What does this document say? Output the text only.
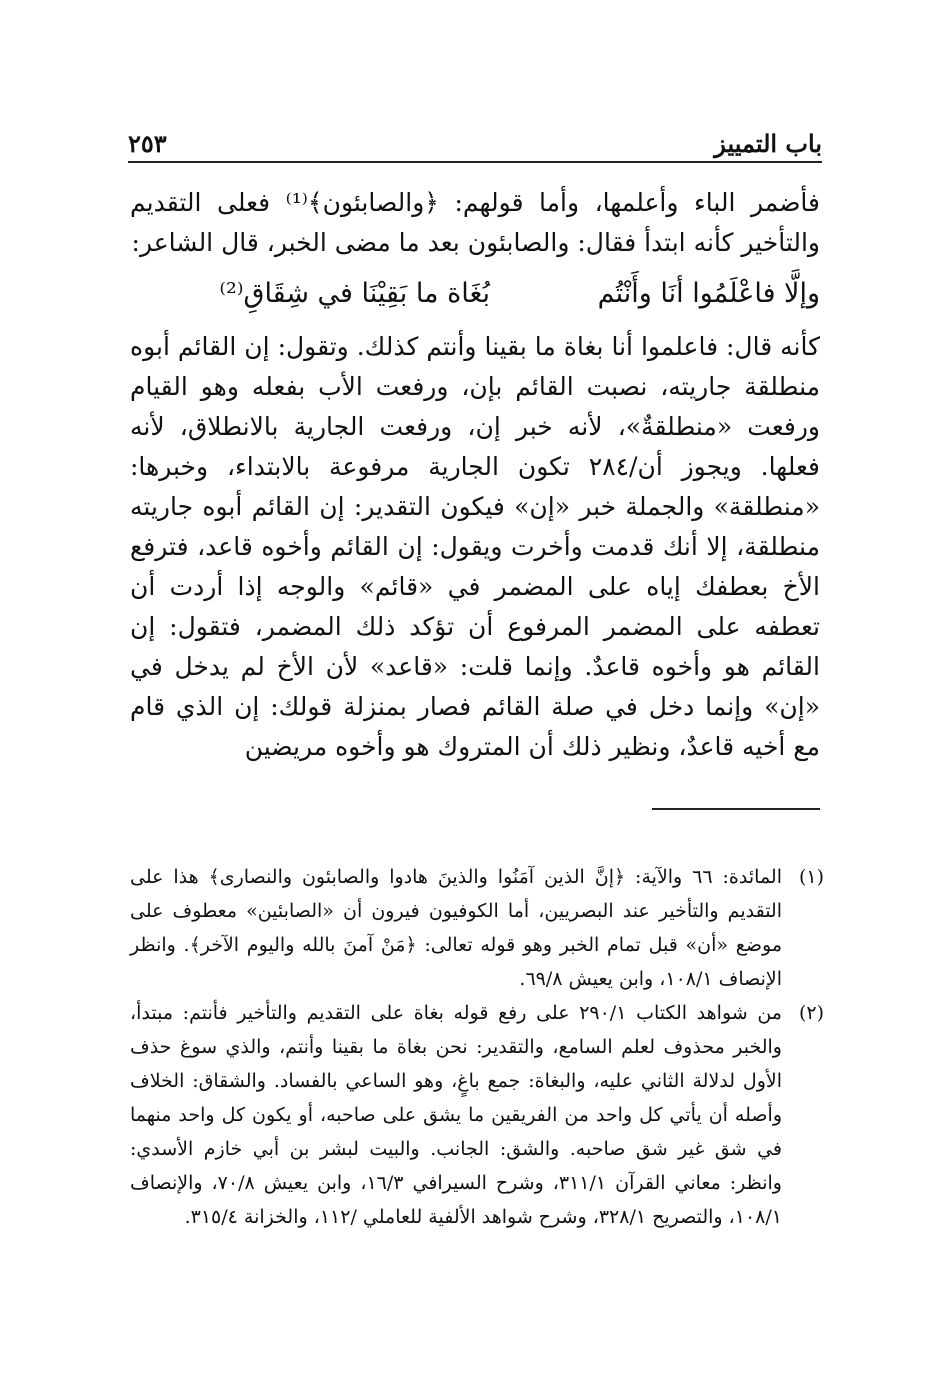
باب التمييز
٢٥٣

فأضمر الباء وأعلمها، وأما قولهم: ﴿والصابئون﴾⁽¹⁾ فعلى التقديم والتأخير كأنه ابتدأ فقال: والصابئون بعد ما مضى الخبر، قال الشاعر:

وإلَّا فاعْلَمُوا أنَا وأَنْتُم
بُغَاة ما بَقِيْنَا في شِقَاقِ⁽²⁾

كأنه قال: فاعلموا أنا بغاة ما بقينا وأنتم كذلك. وتقول: إن القائم أبوه منطلقة جاريته، نصبت القائم بإن، ورفعت الأب بفعله وهو القيام ورفعت «منطلقةٌ»، لأنه خبر إن، ورفعت الجارية بالانطلاق، لأنه فعلها. ويجوز أن/٢٨٤ تكون الجارية مرفوعة بالابتداء، وخبرها: «منطلقة» والجملة خبر «إن» فيكون التقدير: إن القائم أبوه جاريته منطلقة، إلا أنك قدمت وأخرت ويقول: إن القائم وأخوه قاعد، فترفع الأخ بعطفك إياه على المضمر في «قائم» والوجه إذا أردت أن تعطفه على المضمر المرفوع أن تؤكد ذلك المضمر، فتقول: إن القائم هو وأخوه قاعدٌ. وإنما قلت: «قاعد» لأن الأخ لم يدخل في «إن» وإنما دخل في صلة القائم فصار بمنزلة قولك: إن الذي قام مع أخيه قاعدٌ، ونظير ذلك أن المتروك هو وأخوه مريضين

(١)
المائدة: ٦٦ والآية: ﴿إنَّ الذين آمَنُوا والذينَ هادوا والصابئون والنصارى﴾ هذا على التقديم والتأخير عند البصريين، أما الكوفيون فيرون أن «الصابئين» معطوف على موضع «أن» قبل تمام الخبر وهو قوله تعالى: ﴿مَنْ آمنَ بالله واليوم الآخر﴾. وانظر الإنصاف ١٠٨/١، وابن يعيش ٦٩/٨.
(٢)
من شواهد الكتاب ٢٩٠/١ على رفع قوله بغاة على التقديم والتأخير فأنتم: مبتدأ، والخبر محذوف لعلم السامع، والتقدير: نحن بغاة ما بقينا وأنتم، والذي سوغ حذف الأول لدلالة الثاني عليه، والبغاة: جمع باغٍ، وهو الساعي بالفساد. والشقاق: الخلاف وأصله أن يأتي كل واحد من الفريقين ما يشق على صاحبه، أو يكون كل واحد منهما في شق غير شق صاحبه. والشق: الجانب. والبيت لبشر بن أبي خازم الأسدي: وانظر: معاني القرآن ٣١١/١، وشرح السيرافي ١٦/٣، وابن يعيش ٧٠/٨، والإنصاف ١٠٨/١، والتصريح ٣٢٨/١، وشرح شواهد الألفية للعاملي /١١٢، والخزانة ٣١٥/٤.
